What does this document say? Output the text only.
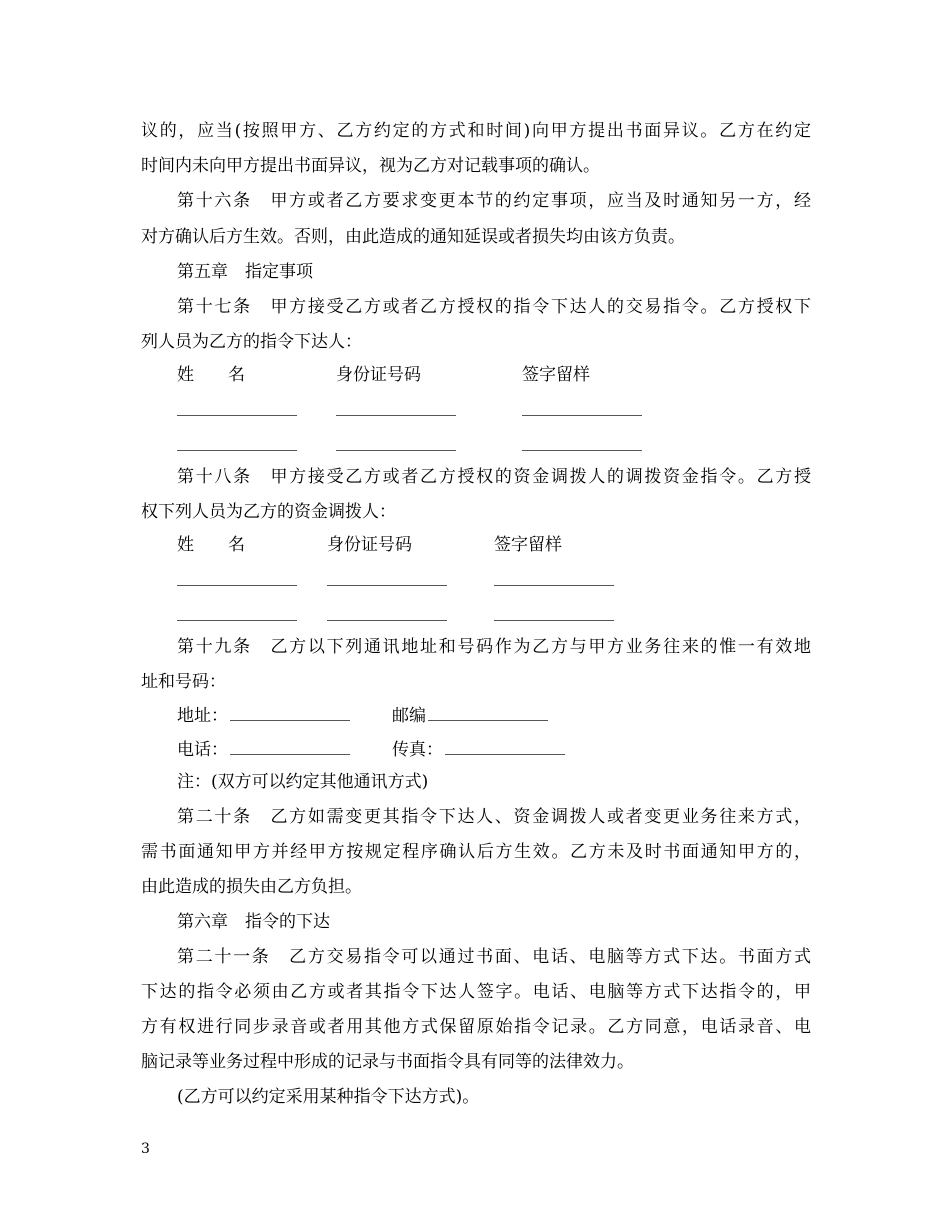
议的，应当(按照甲方、乙方约定的方式和时间)向甲方提出书面异议。乙方在约定
时间内未向甲方提出书面异议，视为乙方对记载事项的确认。
第十六条　甲方或者乙方要求变更本节的约定事项，应当及时通知另一方，经
对方确认后方生效。否则，由此造成的通知延误或者损失均由该方负责。
第五章　指定事项
第十七条　甲方接受乙方或者乙方授权的指令下达人的交易指令。乙方授权下
列人员为乙方的指令下达人：
姓　　名	身份证号码	签字留样
第十八条　甲方接受乙方或者乙方授权的资金调拨人的调拨资金指令。乙方授
权下列人员为乙方的资金调拨人：
姓　　名	身份证号码	签字留样
第十九条　乙方以下列通讯地址和号码作为乙方与甲方业务往来的惟一有效地
址和号码：
地址：	邮编
电话：	传真：
注：(双方可以约定其他通讯方式)
第二十条　乙方如需变更其指令下达人、资金调拨人或者变更业务往来方式，
需书面通知甲方并经甲方按规定程序确认后方生效。乙方未及时书面通知甲方的，
由此造成的损失由乙方负担。
第六章　指令的下达
第二十一条　乙方交易指令可以通过书面、电话、电脑等方式下达。书面方式
下达的指令必须由乙方或者其指令下达人签字。电话、电脑等方式下达指令的，甲
方有权进行同步录音或者用其他方式保留原始指令记录。乙方同意，电话录音、电
脑记录等业务过程中形成的记录与书面指令具有同等的法律效力。
(乙方可以约定采用某种指令下达方式)。
3
